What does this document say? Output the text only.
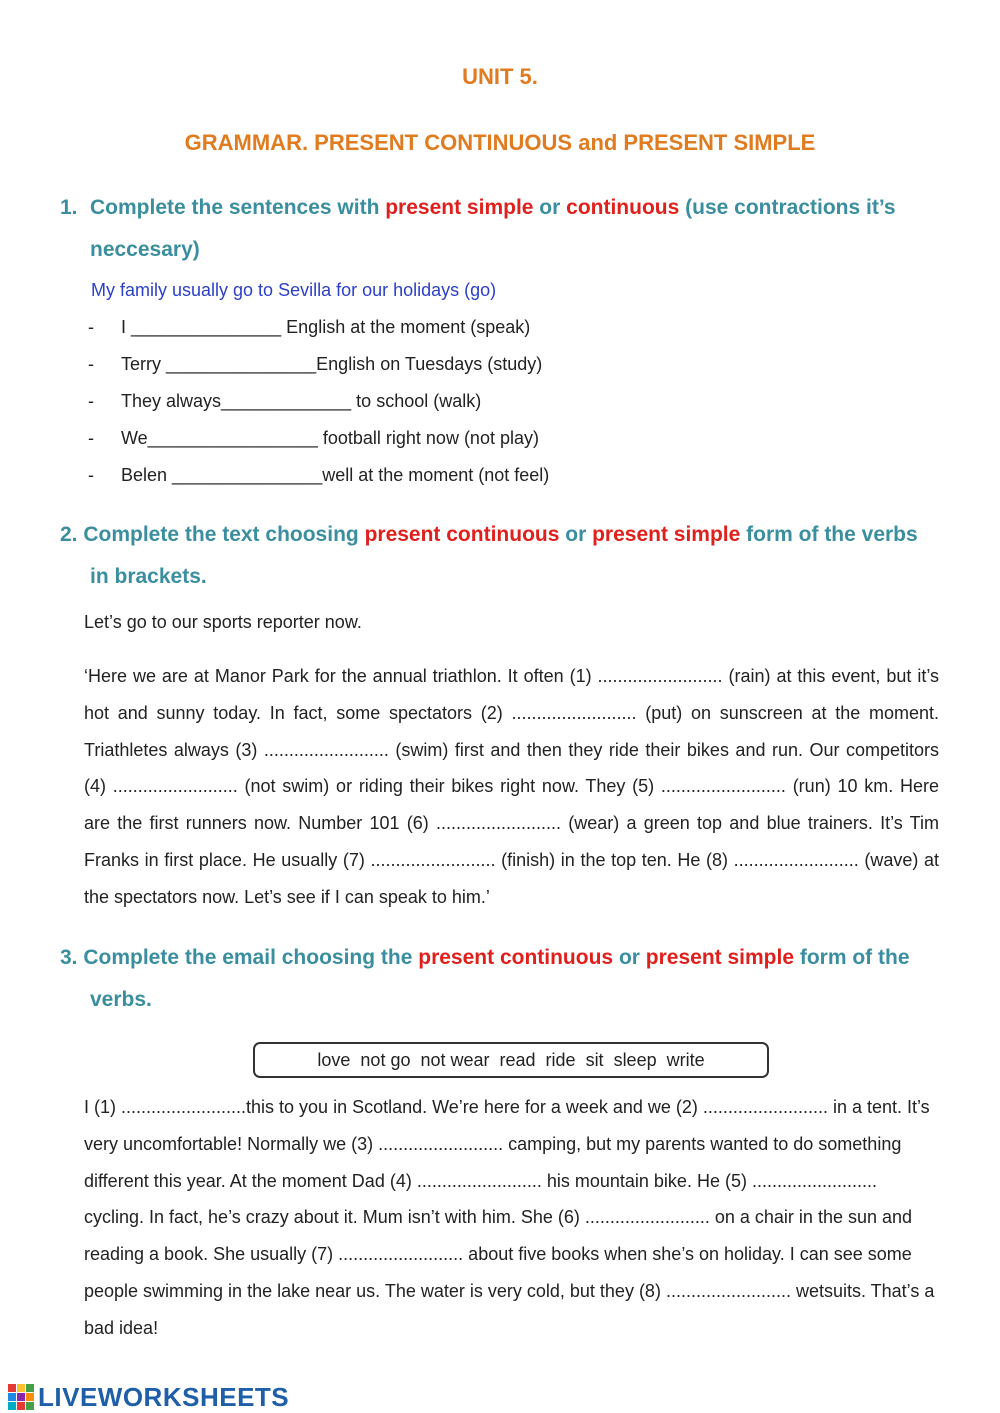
UNIT 5.
GRAMMAR. PRESENT CONTINUOUS and PRESENT SIMPLE
1. Complete the sentences with present simple or continuous (use contractions it’s
neccesary)
My family usually go to Sevilla for our holidays (go)
- I _______________ English at the moment (speak)
- Terry _______________English on Tuesdays (study)
- They always_____________ to school (walk)
- We_________________ football right now (not play)
- Belen _______________well at the moment (not feel)
2. Complete the text choosing present continuous or present simple form of the verbs
in brackets.
Let’s go to our sports reporter now.
‘Here we are at Manor Park for the annual triathlon. It often (1) ......................... (rain) at this event, but it’s hot and sunny today. In fact, some spectators (2) ......................... (put) on sunscreen at the moment. Triathletes always (3) ......................... (swim) first and then they ride their bikes and run. Our competitors (4) ......................... (not swim) or riding their bikes right now. They (5) ......................... (run) 10 km. Here are the first runners now. Number 101 (6) ......................... (wear) a green top and blue trainers. It’s Tim Franks in first place. He usually (7) ......................... (finish) in the top ten. He (8) ......................... (wave) at the spectators now. Let’s see if I can speak to him.’
3. Complete the email choosing the present continuous or present simple form of the
verbs.
love not go not wear read ride sit sleep write
I (1) .........................this to you in Scotland. We’re here for a week and we (2) ......................... in a tent. It’s very uncomfortable! Normally we (3) ......................... camping, but my parents wanted to do something different this year. At the moment Dad (4) ......................... his mountain bike. He (5) ......................... cycling. In fact, he’s crazy about it. Mum isn’t with him. She (6) ......................... on a chair in the sun and reading a book. She usually (7) ......................... about five books when she’s on holiday. I can see some people swimming in the lake near us. The water is very cold, but they (8) ......................... wetsuits. That’s a bad idea!
LIVEWORKSHEETS
